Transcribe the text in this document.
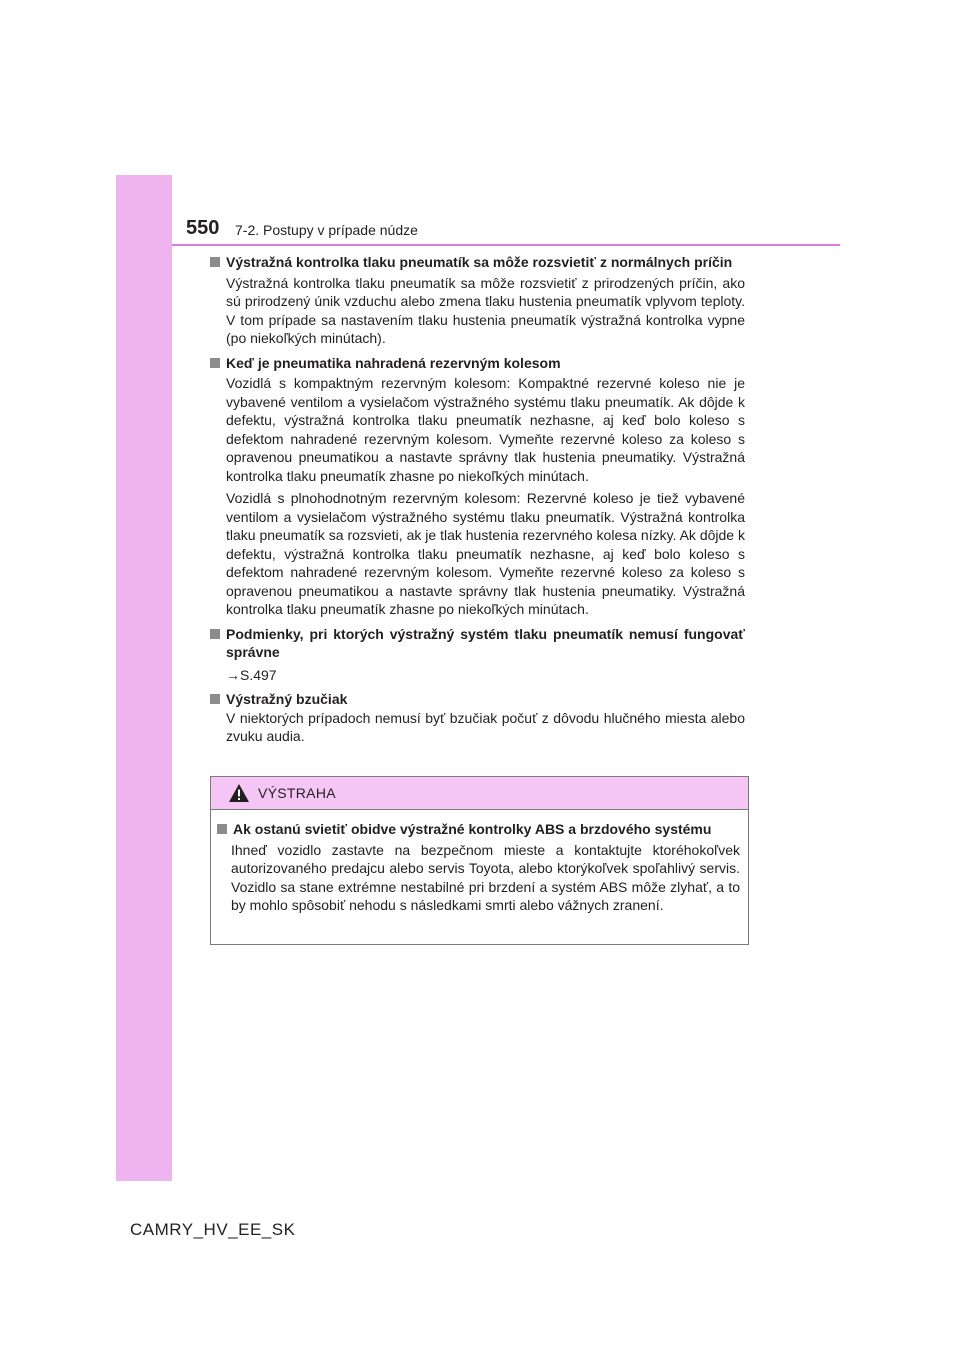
550 7-2. Postupy v prípade núdze
Výstražná kontrolka tlaku pneumatík sa môže rozsvietiť z normálnych príčin
Výstražná kontrolka tlaku pneumatík sa môže rozsvietiť z prirodzených príčin, ako sú prirodzený únik vzduchu alebo zmena tlaku hustenia pneumatík vplyvom teploty. V tom prípade sa nastavením tlaku hustenia pneumatík výstražná kontrolka vypne (po niekoľkých minútach).
Keď je pneumatika nahradená rezervným kolesom
Vozidlá s kompaktným rezervným kolesom: Kompaktné rezervné koleso nie je vybavené ventilom a vysielačom výstražného systému tlaku pneumatík. Ak dôjde k defektu, výstražná kontrolka tlaku pneumatík nezhasne, aj keď bolo koleso s defektom nahradené rezervným kolesom. Vymeňte rezervné koleso za koleso s opravenou pneumatikou a nastavte správny tlak hustenia pneumatiky. Výstražná kontrolka tlaku pneumatík zhasne po niekoľkých minútach.
Vozidlá s plnohodnotným rezervným kolesom: Rezervné koleso je tiež vybavené ventilom a vysielačom výstražného systému tlaku pneumatík. Výstražná kontrolka tlaku pneumatík sa rozsvieti, ak je tlak hustenia rezervného kolesa nízky. Ak dôjde k defektu, výstražná kontrolka tlaku pneumatík nezhasne, aj keď bolo koleso s defektom nahradené rezervným kolesom. Vymeňte rezervné koleso za koleso s opravenou pneumatikou a nastavte správny tlak hustenia pneumatiky. Výstražná kontrolka tlaku pneumatík zhasne po niekoľkých minútach.
Podmienky, pri ktorých výstražný systém tlaku pneumatík nemusí fungovať správne
→S.497
Výstražný bzučiak
V niektorých prípadoch nemusí byť bzučiak počuť z dôvodu hlučného miesta alebo zvuku audia.
VÝSTRAHA
Ak ostanú svietiť obidve výstražné kontrolky ABS a brzdového systému
Ihneď vozidlo zastavte na bezpečnom mieste a kontaktujte ktoréhokoľvek autorizovaného predajcu alebo servis Toyota, alebo ktorýkoľvek spoľahlivý servis. Vozidlo sa stane extrémne nestabilné pri brzdení a systém ABS môže zlyhať, a to by mohlo spôsobiť nehodu s následkami smrti alebo vážnych zranení.
CAMRY_HV_EE_SK
